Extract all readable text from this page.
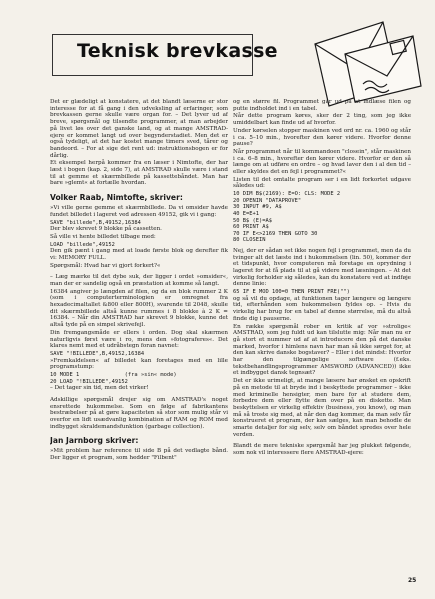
Teknisk brevkasse

Det er glædeligt at konstatere, at det blandt læserne er stor interesse for at få gang i den udveksling af erfaringer, som brevkassen gerne skulle være organ for. – Det lyver ud af breve, spørgsmål og tilsendte programmer, at man arbejder på livet løs over det ganske land, og at mange AMSTRAD-ejere er kommet langt ud over begynderstadiet. Men det er også tydeligt, at det har kostet mange timers sved, tårer og bandeord. – For at sige det rent ud: instruktionsbogen er for dårlig.

Et eksempel herpå kommer fra en læser i Nimtofte, der har læst i bogen (kap. 2, side 7), at AMSTRAD skulle være i stand til at gemme et skærmbillede på kassettebåndet. Man har bare »glemt« at fortælle hvordan.

Volker Raab, Nimtofte, skriver:

»Vi ville gerne gemme et skærmbillede. Da vi omsider havde fundet billedet i lageret ved adressen 49152, gik vi i gang:

SAVE "billede",B,49152,16384

Der blev skrevet 9 blokke på cassetten.

Så ville vi hente billedet tilbage med:

LOAD "billede",49152

Den gik pænt i gang med at loade første blok og derefter fik vi: MEMORY FULL.

Spørgsmål: Hvad har vi gjort forkert?«

– Læg mærke til det dybe suk, der ligger i ordet »omsider«, man der er sandelig også en præstation at komme så langt.

16384 angiver jo længden af filen, og da en blok rummer 2 K (som i computerterminologien er omregnet fra hexadecimaltallet &800 eller 800H), svarende til 2048, skulle dit skærmbillede altså kunne rummes i 8 blokke à 2 K = 16384. – Når din AMSTRAD har skrevet 9 blokke, kunne det altså tyde på en simpel skrivefejl.

Din fremgangsmåde er ellers i orden. Dog skal skærmen naturligvis først være i ro, mens den »fotograferes«. Det klares nemt med et udråbstegn foran navnet:

SAVE "!BILLEDE",B,49152,16384

»Fremkaldelsen« af billedet kan foretages med en lille programstump:

10 MODE 1              (fra »sin« mode)
20 LOAD "!BILLEDE",49152

– Det tager sin tid, men det virker!

Adskillige spørgsmål drejer sig om AMSTRAD's noget ensrettede hukommelse. Som en følge af fabrikantens bestræbelser på at gøre kapaciteten så stor som mulig står vi overfor en lidt usædvanlig kombination af RAM og ROM med indbygget skraldemandsfunktion (garbage collection).

Jan Jarnborg skriver:

»Mit problem har reference til side B på det vedlagte bånd. Der ligger et program, som hedder "Filbent"

og en større fil. Programmet går ud på at indlæse filen og putte indholdet ind i en tabel.

Når dette program køres, sker der 2 ting, som jeg ikke umiddelbart kan finde ud af hvorfor.

Under kørselen stopper maskinen ved ord nr. ca. 1960 og står i ca. 5–10 min., hvorefter den kører videre. Hvorfor denne pause?

Når programmet når til kommandoen "closein", står maskinen i ca. 6–8 min., hvorefter den kører videre. Hvorfor er den så længe om at udføre en ordre – og hvad laver den i al den tid – eller skyldes det en fejl i programmet?«

Listen til det omtalte program ser i en lidt forkortet udgave således ud:

10 DIM B$(2169): E=O: CLS: MODE 2
20 OPENIN "DATAPROVE"
30 INPUT #9, A$
40 E=E+1
50 B$ (E)=A$
60 PRINT A$
70 IF E<>2169 THEN GOTO 30
80 CLOSEIN

Nej, der er sådan set ikke nogen fejl i programmet, men da du tvinger alt det læste ind i hukommelsen (lin. 50), kommer der et tidspunkt, hvor computeren må foretage en oprydning i lageret for at få plads til at gå videre med læsningen. – At det virkelig forholder sig således, kan du konstatere ved at indføje denne linie:

65 IF E MOD 100=0 THEN PRINT FRE("")

og så vil du opdage, at funktionen tager længere og længere tid, efterhånden som hukommelsen fyldes op. – Hvis du virkelig har brug for en tabel af denne størrelse, må du altså finde dig i pauserne.

En række spørgsmål rober en kritik af vor »strolige« AMSTRAD, som jeg fuldt ud kan tilslutte mig: Når man nu er gå stort et nummer ud af at introducere den på det danske marked, hvorfor i himlens navn har man så ikke sørget for, at den kan skrive danske bogstaver? – Eller i det mindst: Hvorfor har den tilgængelige software (f.eks. tekstbehandlingsprogrammer AMSWORD (ADVANCED)) ikke et indbygget dansk tegnsæt?

Det er ikke urimeligt, at mange læsere har ønsket en opskrift på en metode til at bryde ind i beskyttede programmer – ikke med kriminelle hensigter, men bare for at studere dem, forbedre dem eller flytte dem over på en diskette. Man beskyttelsen er virkelig effektiv (business, you know), og man må så troste sig med, at når den dag kommer, da man selv får konstrueret et program, der kan sælges, kan man behodle de smarte detaljer for sig selv, selv om båndet spredes over hele verden.

Blandt de mere tekniske spørgsmål har jeg plukket følgende, som nok vil interessere flere AMSTRAD-ejere:

25
